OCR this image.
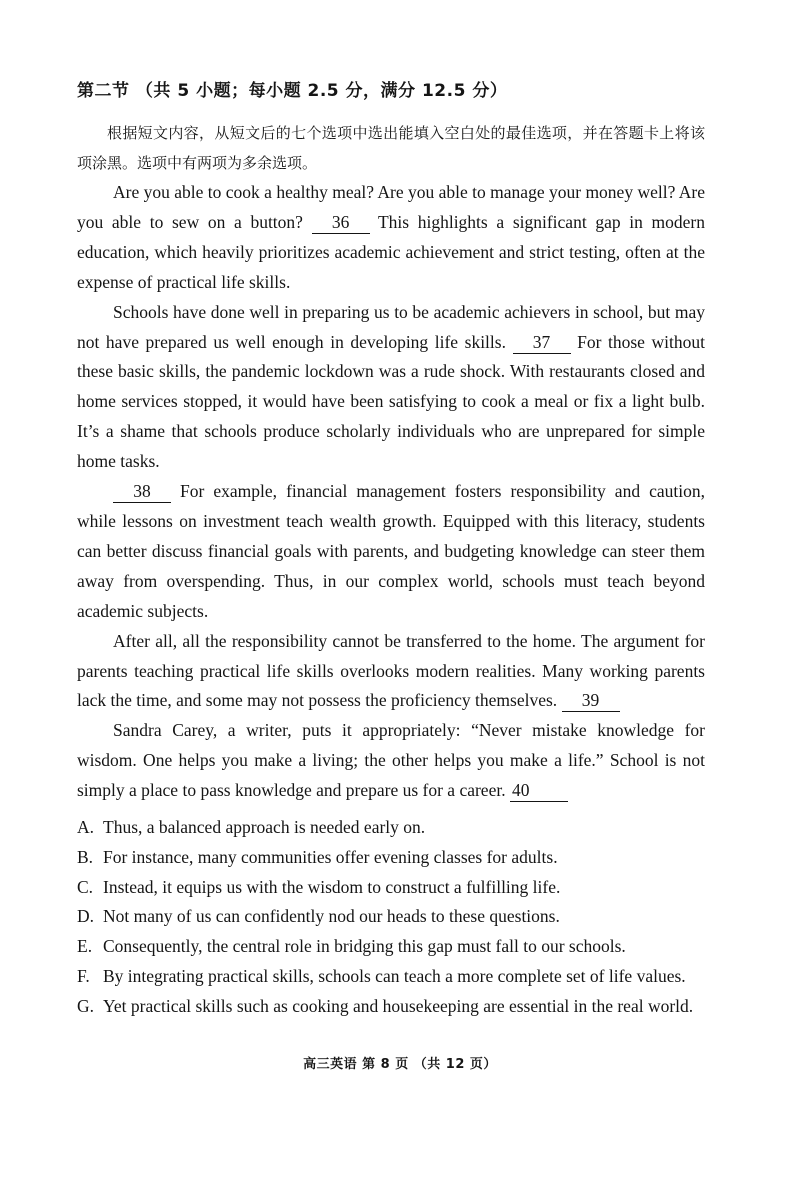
第二节 （共 5 小题；每小题 2.5 分，满分 12.5 分）
根据短文内容，从短文后的七个选项中选出能填入空白处的最佳选项，并在答题卡上将该项涂黑。选项中有两项为多余选项。

Are you able to cook a healthy meal? Are you able to manage your money well? Are you able to sew on a button? 36 This highlights a significant gap in modern education, which heavily prioritizes academic achievement and strict testing, often at the expense of practical life skills.

Schools have done well in preparing us to be academic achievers in school, but may not have prepared us well enough in developing life skills. 37 For those without these basic skills, the pandemic lockdown was a rude shock. With restaurants closed and home services stopped, it would have been satisfying to cook a meal or fix a light bulb. It’s a shame that schools produce scholarly individuals who are unprepared for simple home tasks.

38 For example, financial management fosters responsibility and caution, while lessons on investment teach wealth growth. Equipped with this literacy, students can better discuss financial goals with parents, and budgeting knowledge can steer them away from overspending. Thus, in our complex world, schools must teach beyond academic subjects.

After all, all the responsibility cannot be transferred to the home. The argument for parents teaching practical life skills overlooks modern realities. Many working parents lack the time, and some may not possess the proficiency themselves. 39

Sandra Carey, a writer, puts it appropriately: “Never mistake knowledge for wisdom. One helps you make a living; the other helps you make a life.” School is not simply a place to pass knowledge and prepare us for a career. 40

A. Thus, a balanced approach is needed early on.
B. For instance, many communities offer evening classes for adults.
C. Instead, it equips us with the wisdom to construct a fulfilling life.
D. Not many of us can confidently nod our heads to these questions.
E. Consequently, the central role in bridging this gap must fall to our schools.
F. By integrating practical skills, schools can teach a more complete set of life values.
G. Yet practical skills such as cooking and housekeeping are essential in the real world.
高三英语 第 8 页 （共 12 页）
